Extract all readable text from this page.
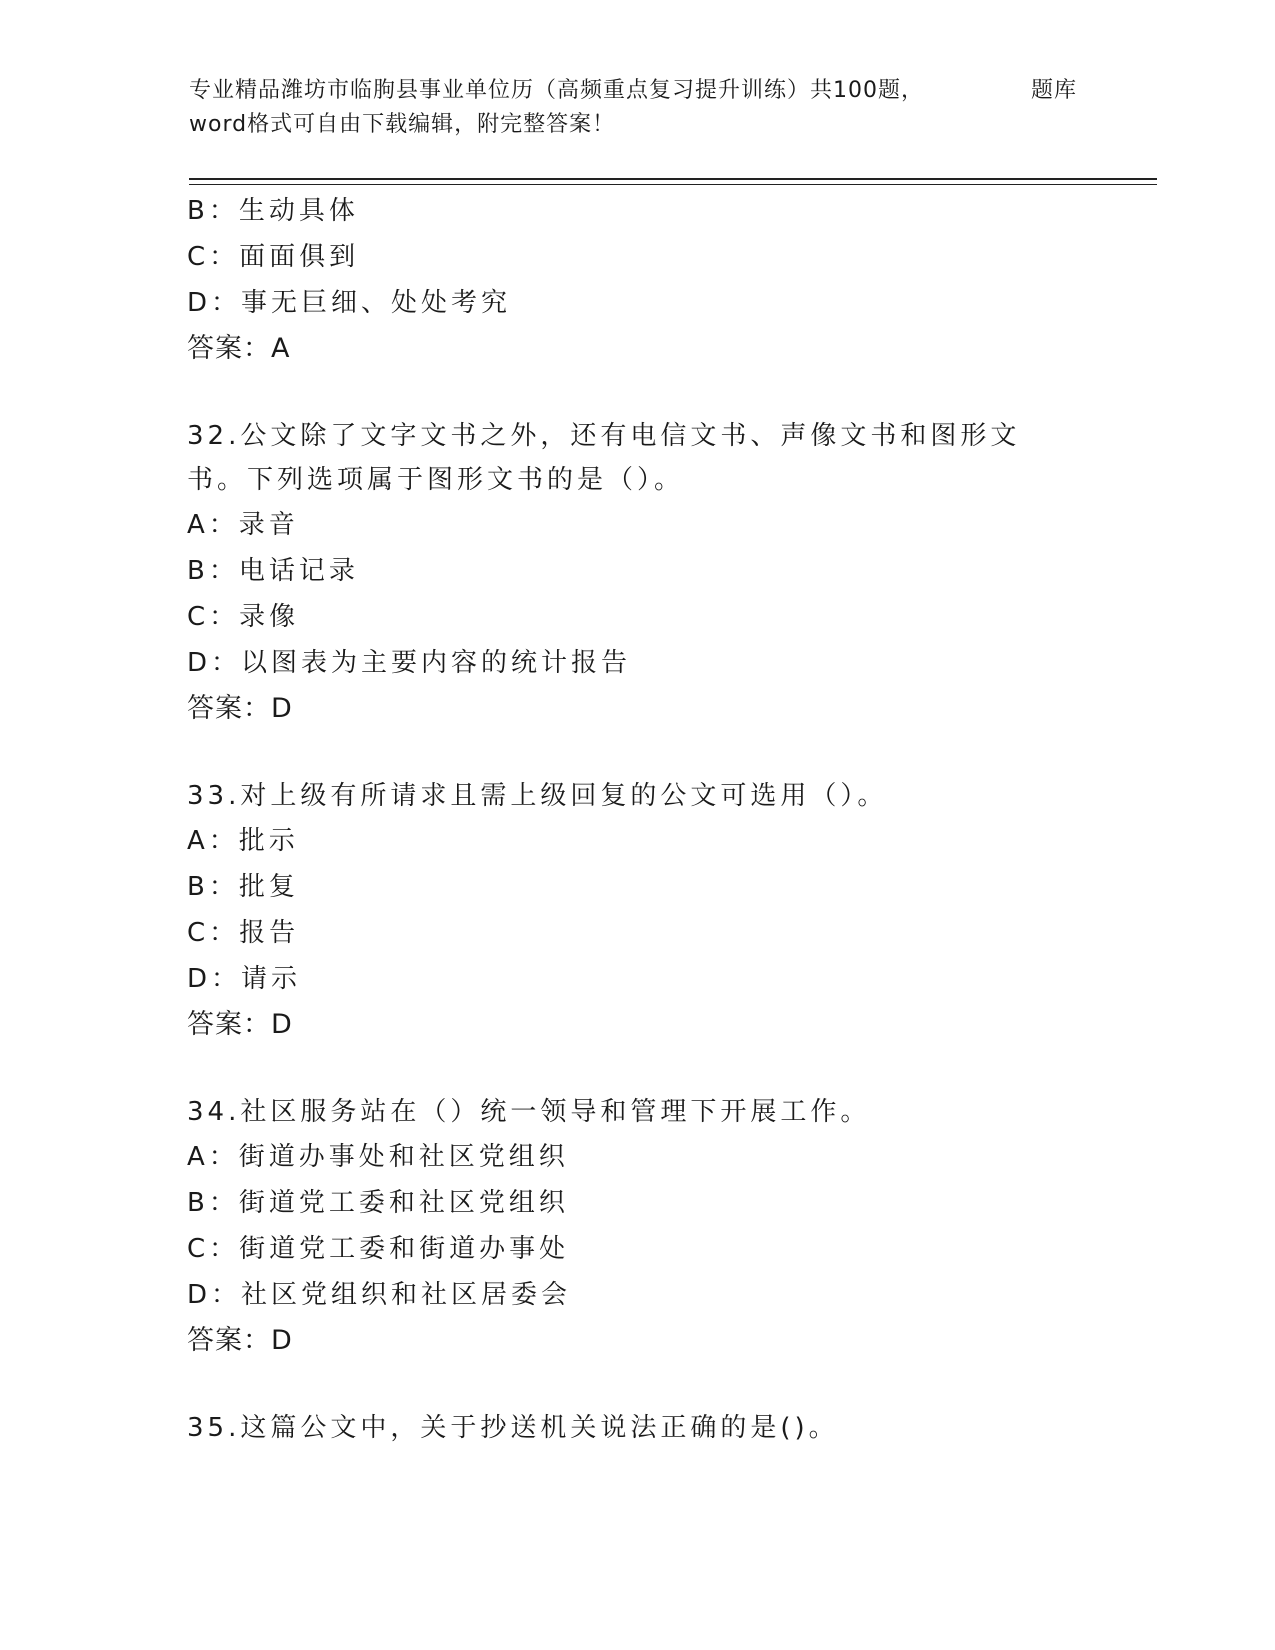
专业精品潍坊市临朐县事业单位历（高频重点复习提升训练）共100题，word格式可自由下载编辑，附完整答案！
题库

B：生动具体

C：面面俱到

D：事无巨细、处处考究

答案：A

32.公文除了文字文书之外，还有电信文书、声像文书和图形文书。下列选项属于图形文书的是（）。

A：录音

B：电话记录

C：录像

D：以图表为主要内容的统计报告

答案：D

33.对上级有所请求且需上级回复的公文可选用（）。

A：批示

B：批复

C：报告

D：请示

答案：D

34.社区服务站在（）统一领导和管理下开展工作。

A：街道办事处和社区党组织

B：街道党工委和社区党组织

C：街道党工委和街道办事处

D：社区党组织和社区居委会

答案：D

35.这篇公文中，关于抄送机关说法正确的是()。
